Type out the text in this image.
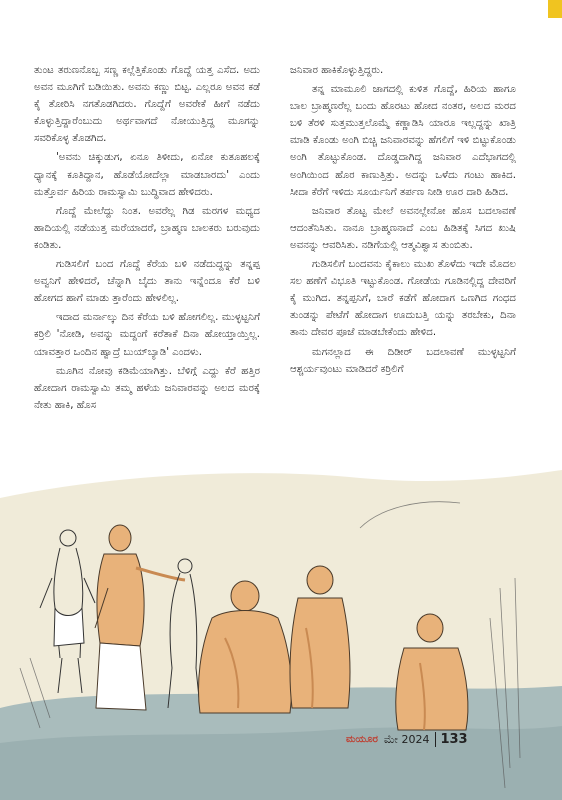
ತುಂಟ ತರುಣನೊಬ್ಬ ಸಣ್ಣ ಕಲ್ಲೆತ್ತಿಕೊಂಡು ಗೊದ್ದೆ ಯತ್ತ ಎಸೆದ. ಅದು ಅವನ ಮೂಗಿಗೆ ಬಡಿಯಿತು. ಅವನು ಕಣ್ಣು ಬಿಟ್ಟ. ಎಲ್ಲರೂ ಅವನ ಕಡೆ ಕೈ ತೋರಿಸಿ ನಗತೊಡಗಿದರು. ಗೊದ್ದೆಗೆ ಅವರೇಕೆ ಹೀಗೆ ನಡೆದು ಕೊಳ್ಳುತ್ತಿದ್ದಾರೆಂಬುದು ಅರ್ಥವಾಗದೆ ನೋಯುತ್ತಿದ್ದ ಮೂಗನ್ನು ಸವರಿಕೊಳ್ಳ ತೊಡಗಿದ.

'ಅವನು ಚಿಕ್ಕುಡುಗ, ಏನೂ ತಿಳೀದು, ಏನೋ ಕುತೂಹಲಕ್ಕೆ ಧ್ಯಾನಕ್ಕೆ ಕೂತಿದ್ದಾನ, ಹೊಡೆಯೋದೆಲ್ಲಾ ಮಾಡಬಾರದು' ಎಂದು ಮತ್ತೊರ್ವ ಹಿರಿಯ ರಾಮಸ್ವಾಮಿ ಬುದ್ಧಿವಾದ ಹೇಳಿದರು.

ಗೊದ್ದೆ ಮೇಲೆದ್ದು ನಿಂತ. ಅವರೆಲ್ಲ ಗಿಡ ಮರಗಳ ಮಧ್ಯದ ಹಾದಿಯಲ್ಲಿ ನಡೆಯುತ್ತ ಮರೆಯಾದರೆ, ಬ್ರಾಹ್ಮಣ ಬಾಲಕರು ಬರುವುದು ಕಂಡಿತು.

ಗುಡಿಸಲಿಗೆ ಬಂದ ಗೊದ್ದೆ ಕೆರೆಯ ಬಳಿ ನಡೆದುದ್ದನ್ನು ತನ್ನಪ್ಪ ಅವ್ವನಿಗೆ ಹೇಳಿದರೆ, ಚೆನ್ನಾಗಿ ಬೈದು ತಾನು ಇನ್ನೆಂದೂ ಕೆರೆ ಬಳಿ ಹೋಗದ ಹಾಗೆ ಮಾಡು ತ್ತಾರೆಂದು ಹೇಳಲಿಲ್ಲ.

ಇದಾದ ಮರ್ನಾಲ್ಕು ದಿನ ಕೆರೆಯ ಬಳಿ ಹೋಗಲಿಲ್ಲ. ಮುಳ್ಳಟ್ಟನಿಗೆ ಕರ್ರಿಲಿ 'ನೋಡಿ, ಅವನ್ನು ಮದ್ದಂಗೆ ಕರೆತಾಕೆ ದಿನಾ ಹೋಯ್ತಾಯ್ತಿಲ್ಲ. ಯಾವತ್ತಾರ ಒಂದಿನ ಹ್ವಾದ್ರೆ ಬುಯ್‌ಬ್ಯಾಡಿ' ಎಂದಳು.

ಮೂಗಿನ ನೋವು ಕಡಿಮೆಯಾಗಿತ್ತು. ಬೆಳಿಗ್ಗೆ ಎದ್ದು ಕೆರೆ ಹತ್ತಿರ ಹೋದಾಗ ರಾಮಸ್ವಾಮಿ ತಮ್ಮ ಹಳೆಯ ಜನಿವಾರವನ್ನು ಅಲದ ಮರಕ್ಕೆ ನೇತು ಹಾಕಿ, ಹೊಸ

ಜನಿವಾರ ಹಾಕಿಕೊಳ್ಳುತ್ತಿದ್ದರು.

ತನ್ನ ಮಾಮೂಲಿ ಜಾಗದಲ್ಲಿ ಕುಳಿತ ಗೊದ್ದೆ, ಹಿರಿಯ ಹಾಗೂ ಬಾಲ ಬ್ರಾಹ್ಮಣರೆಲ್ಲ ಬಂದು ಹೊರಟು ಹೋದ ನಂತರ, ಅಲದ ಮರದ ಬಳಿ ತೆರಳಿ ಸುತ್ತಮುತ್ತಲೊಮ್ಮೆ ಕಣ್ಣಾಡಿಸಿ ಯಾರೂ ಇಲ್ಲದ್ದನ್ನು ಖಾತ್ರಿ ಮಾಡಿ ಕೊಂಡು ಅಂಗಿ ಬಿಚ್ಚಿ ಜನಿವಾರವನ್ನು ಹೆಗಲಿಗೆ ಇಳಿ ಬಿಟ್ಟುಕೊಂಡು ಅಂಗಿ ತೊಟ್ಟುಕೊಂಡ. ದೊಡ್ಡದಾಗಿದ್ದ ಜನಿವಾರ ಎದೆಭಾಗದಲ್ಲಿ ಅಂಗಿಯಿಂದ ಹೊರ ಕಾಣುತ್ತಿತ್ತು. ಅದನ್ನು ಒಳೆದು ಗಂಟು ಹಾಕಿದ. ಸೀದಾ ಕೆರೆಗೆ ಇಳಿದು ಸೂರ್ಯನಿಗೆ ತರ್ಪಣ ನೀಡಿ ಊರ ದಾರಿ ಹಿಡಿದ.

ಜನಿವಾರ ತೊಟ್ಟ ಮೇಲೆ ಅವನಲ್ಲೇನೋ ಹೊಸ ಬದಲಾವಣೆ ಆದಂತೆನಿಸಿತು. ನಾನೂ ಬ್ರಾಹ್ಮಣನಾದೆ ಎಂಬ ಹಿಡಿತಕ್ಕೆ ಸಿಗದ ಖುಷಿ ಅವನನ್ನು ಆವರಿಸಿತು. ನಡಿಗೆಯಲ್ಲಿ ಆತ್ಮವಿಶ್ವಾಸ ತುಂಬಿತು.

ಗುಡಿಸಲಿಗೆ ಬಂದವನು ಕೈಕಾಲು ಮುಖ ತೊಳೆದು ಇದೇ ಮೊದಲ ಸಲ ಹಣೆಗೆ ವಿಭೂತಿ ಇಟ್ಟುಕೊಂಡ. ಗೋಡೆಯ ಗೂಡಿನಲ್ಲಿದ್ದ ದೇವರಿಗೆ ಕೈ ಮುಗಿದ. ತನ್ನಪ್ಪನಿಗೆ, ಬಾರೆ ಕಡೆಗೆ ಹೋದಾಗ ಒಣಗಿದ ಗಂಧದ ತುಂಡನ್ನು ಪೇಟೆಗೆ ಹೋದಾಗ ಊದುಬತ್ತಿ ಯನ್ನು ತರಬೇಕು, ದಿನಾ ತಾನು ದೇವರ ಪೂಜೆ ಮಾಡಬೇಕೆಂದು ಹೇಳಿದ.

ಮಗನಲ್ಲಾದ ಈ ದಿಡೀರ್ ಬದಲಾವಣೆ ಮುಳ್ಳಟ್ಟನಿಗೆ ಆಶ್ಚರ್ಯವುಂಟು ಮಾಡಿದರೆ ಕರ್ರಿಲಿಗೆ

ಮಯೂರ ಮೇ 2024 133
